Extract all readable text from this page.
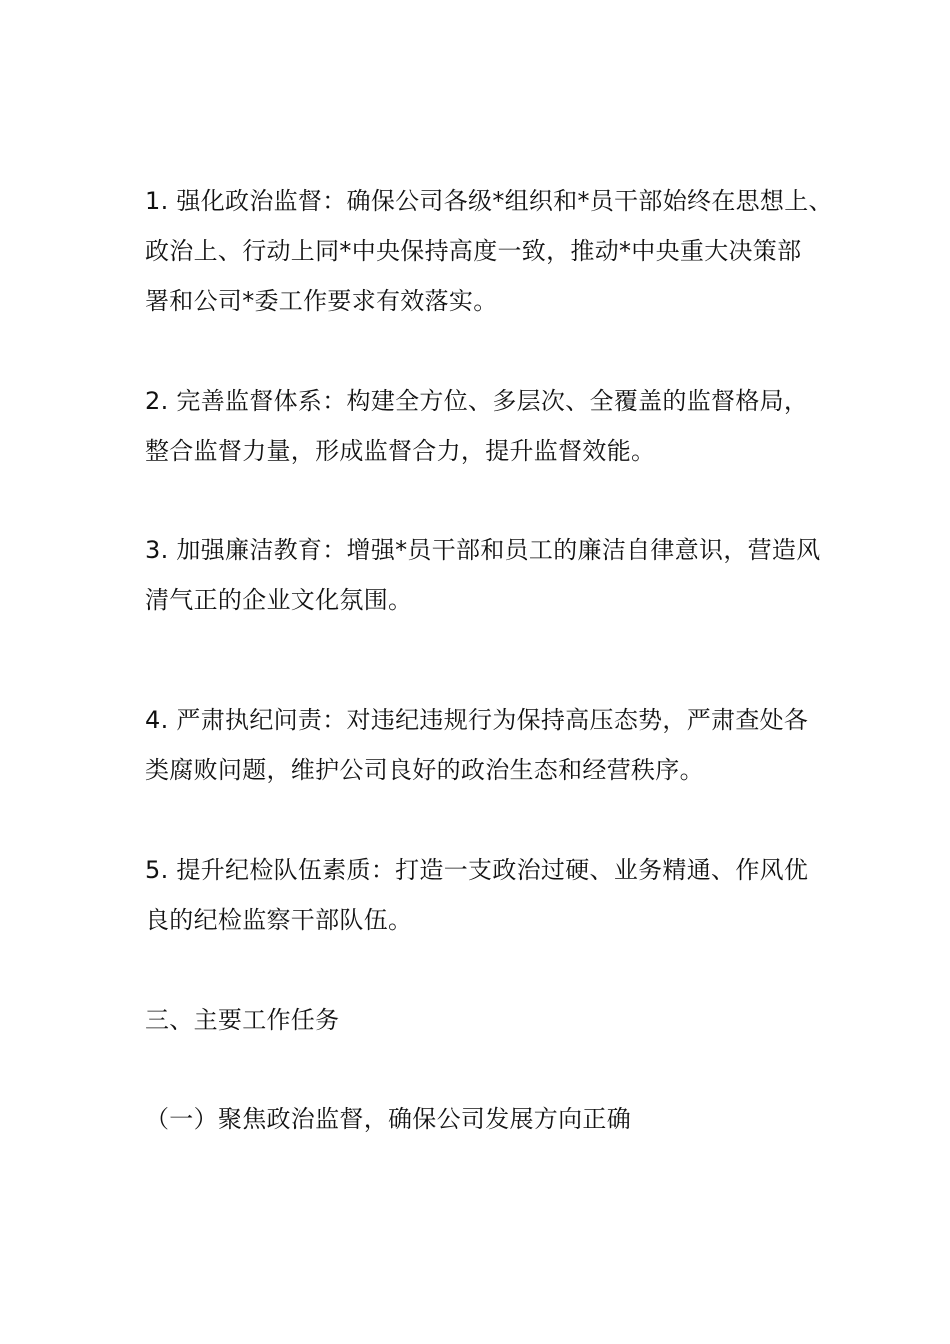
1. 强化政治监督：确保公司各级*组织和*员干部始终在思想上、
政治上、行动上同*中央保持高度一致，推动*中央重大决策部
署和公司*委工作要求有效落实。

2. 完善监督体系：构建全方位、多层次、全覆盖的监督格局，
整合监督力量，形成监督合力，提升监督效能。

3. 加强廉洁教育：增强*员干部和员工的廉洁自律意识，营造风
清气正的企业文化氛围。

4. 严肃执纪问责：对违纪违规行为保持高压态势，严肃查处各
类腐败问题，维护公司良好的政治生态和经营秩序。

5. 提升纪检队伍素质：打造一支政治过硬、业务精通、作风优
良的纪检监察干部队伍。

三、主要工作任务

（一）聚焦政治监督，确保公司发展方向正确
